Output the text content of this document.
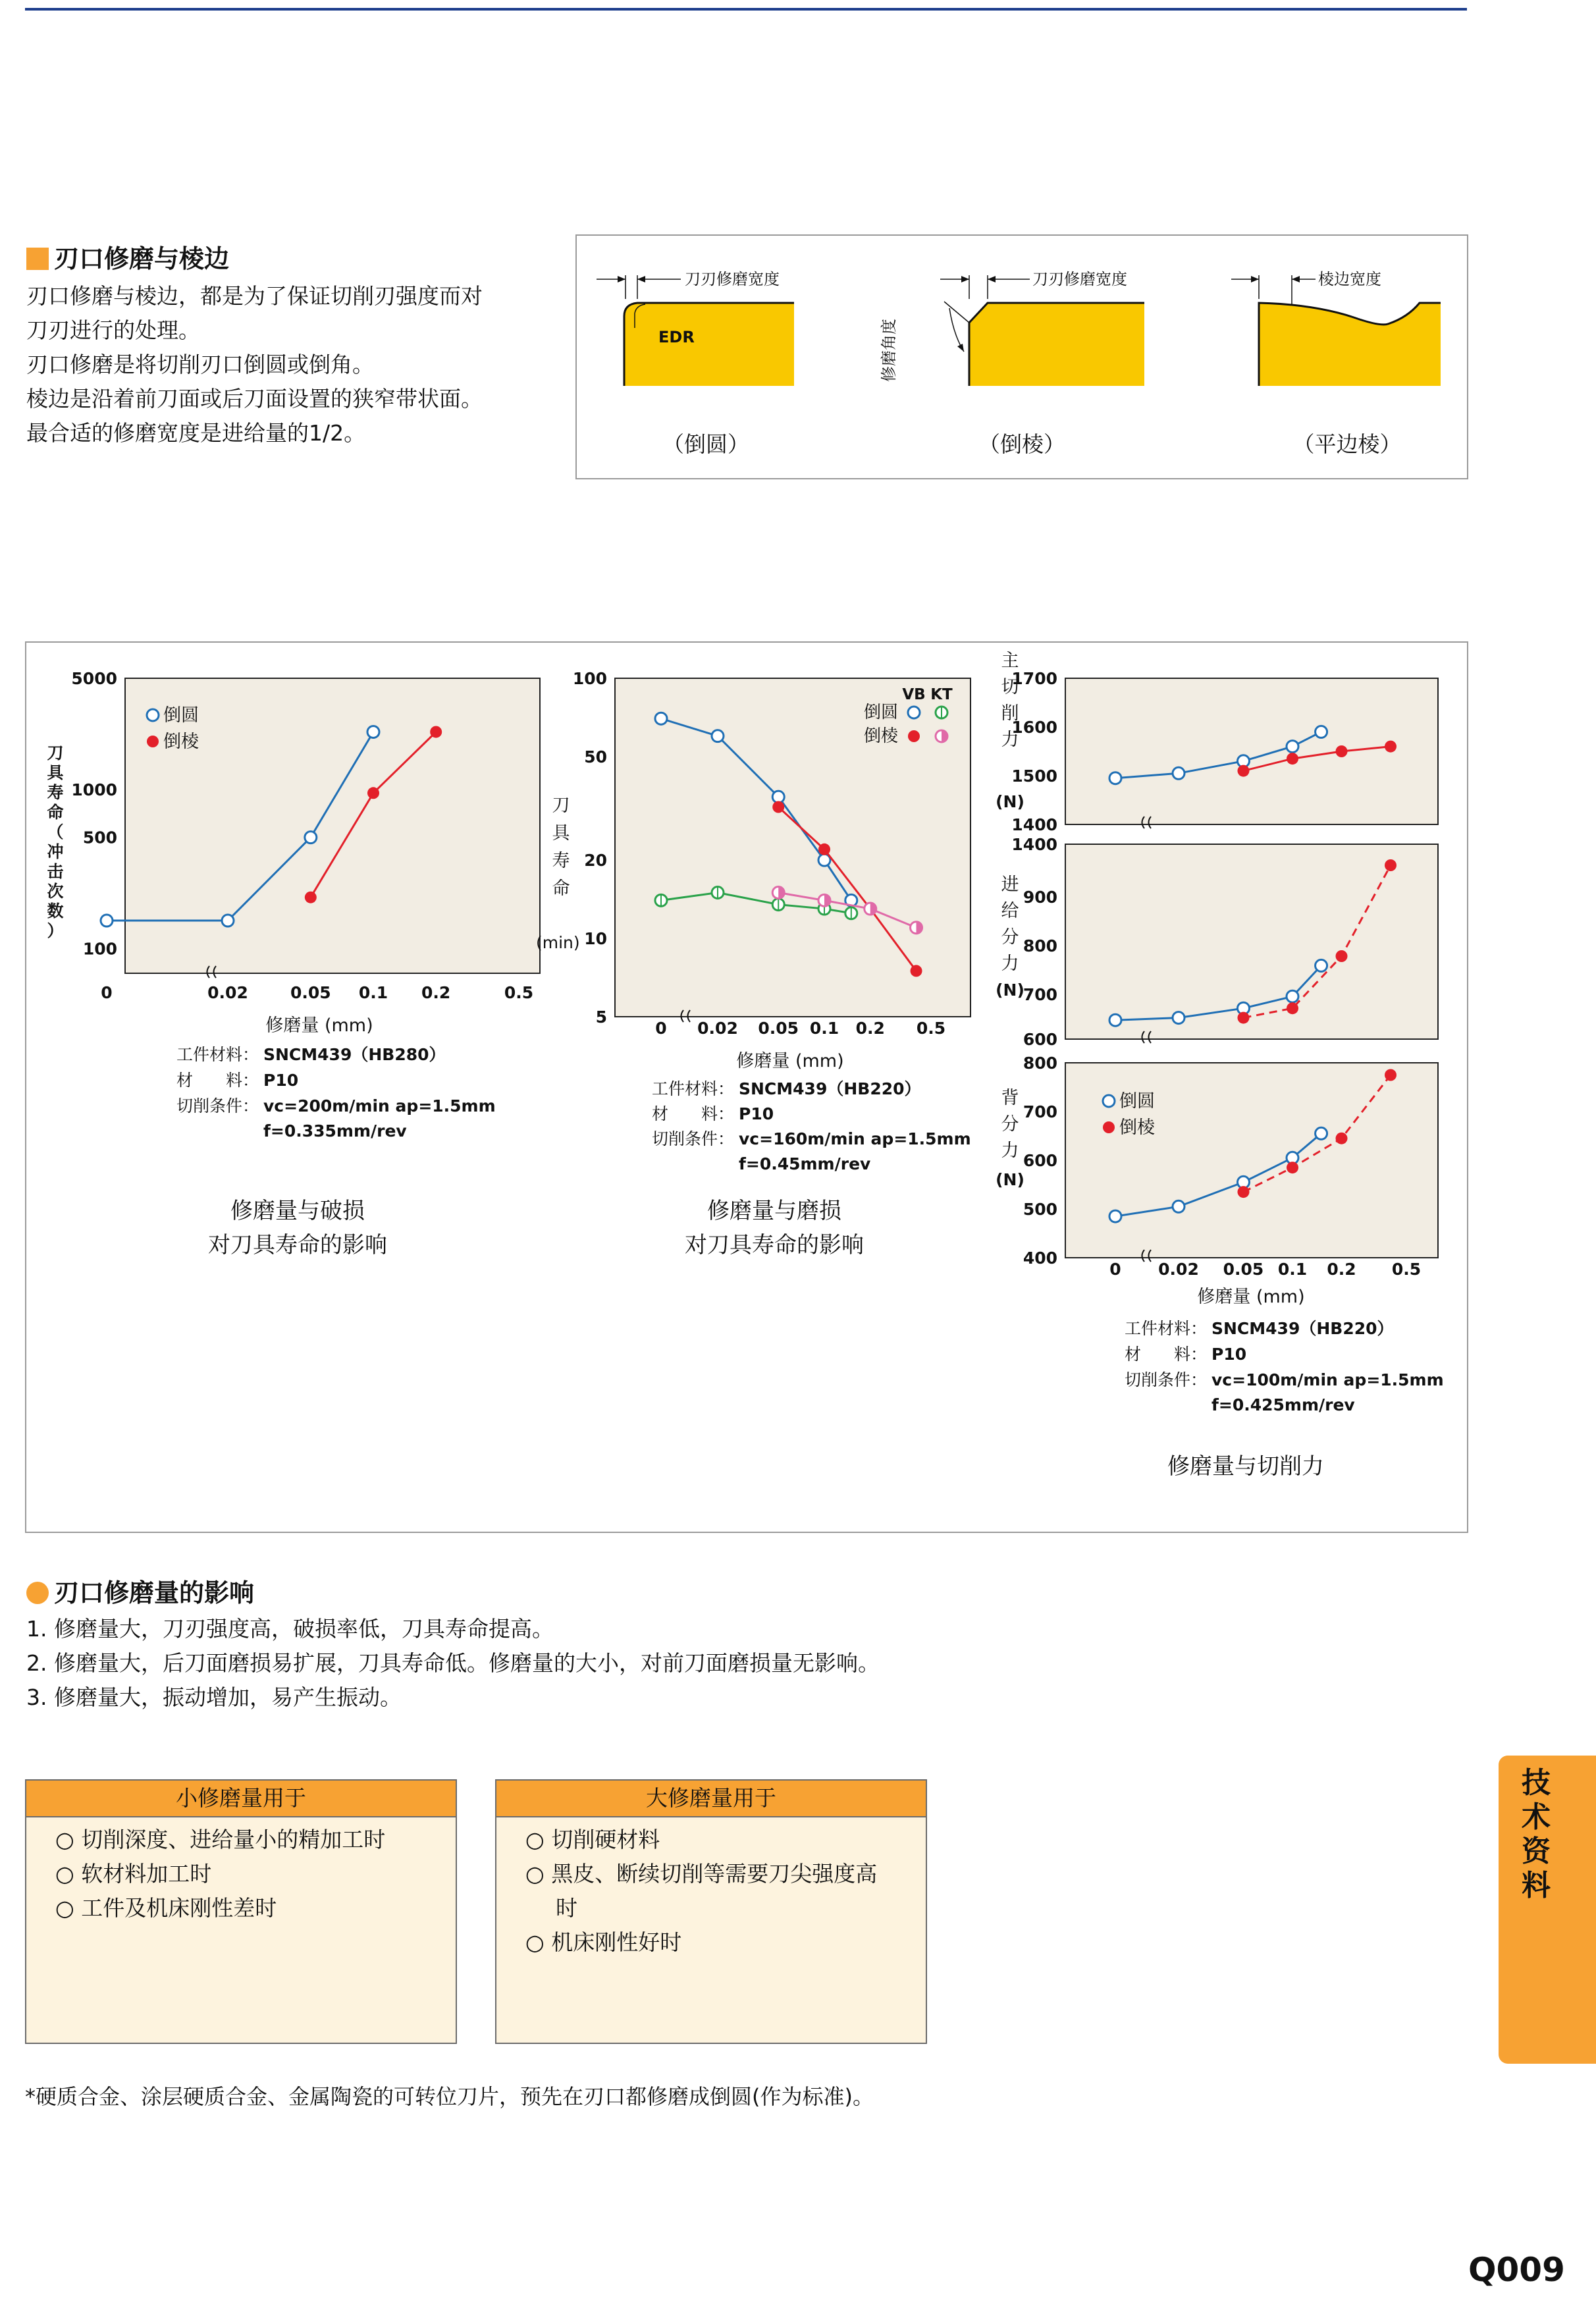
刃口修磨与棱边
刃口修磨与棱边，都是为了保证切削刃强度而对
刀刃进行的处理。
刃口修磨是将切削刃口倒圆或倒角。
棱边是沿着前刀面或后刀面设置的狭窄带状面。
最合适的修磨宽度是进给量的1/2。
刀刃修磨宽度
EDR
（倒圆）
刀刃修磨宽度
修磨角度
（倒棱）
棱边宽度
（平边棱）
5000
1000
500
100
0	0.02	0.05 0.1 0.2	0.5
修磨量 (mm)
倒圆
倒棱
工件材料： SNCM439（HB280）
材　　料： P10
切削条件： vc=200m/min ap=1.5mm
f=0.335mm/rev
修磨量与破损
对刀具寿命的影响
刀
具
寿
命
（
冲
击
次
数
）
100
50
20
10
5
0 0.02 0.05 0.1 0.2 0.5
(min)
修磨量 (mm)
VB KT
倒圆
倒棱
工件材料： SNCM439（HB220）
材　　料： P10
切削条件： vc=160m/min ap=1.5mm
f=0.45mm/rev
修磨量与磨损
对刀具寿命的影响
刀
具
寿
命
1700
1600
1500
1400
1400
900
800
700
600
800
700
600
500
400
0 0.02 0.05 0.1 0.2 0.5
主
切
削
力
(N)
进
给
分
力
(N)
背
分
力
(N)
修磨量 (mm)
倒圆
倒棱
工件材料： SNCM439（HB220）
材　　料： P10
切削条件： vc=100m/min ap=1.5mm
f=0.425mm/rev
修磨量与切削力
刃口修磨量的影响
1. 修磨量大，刀刃强度高，破损率低，刀具寿命提高。
2. 修磨量大，后刀面磨损易扩展，刀具寿命低。修磨量的大小，对前刀面磨损量无影响。
3. 修磨量大，振动增加，易产生振动。
小修磨量用于
○ 切削深度、进给量小的精加工时
○ 软材料加工时
○ 工件及机床刚性差时
大修磨量用于
○ 切削硬材料
○ 黑皮、断续切削等需要刀尖强度高时
○ 机床刚性好时
*硬质合金、涂层硬质合金、金属陶瓷的可转位刀片，预先在刃口都修磨成倒圆(作为标准)。
技术资料
Q009
